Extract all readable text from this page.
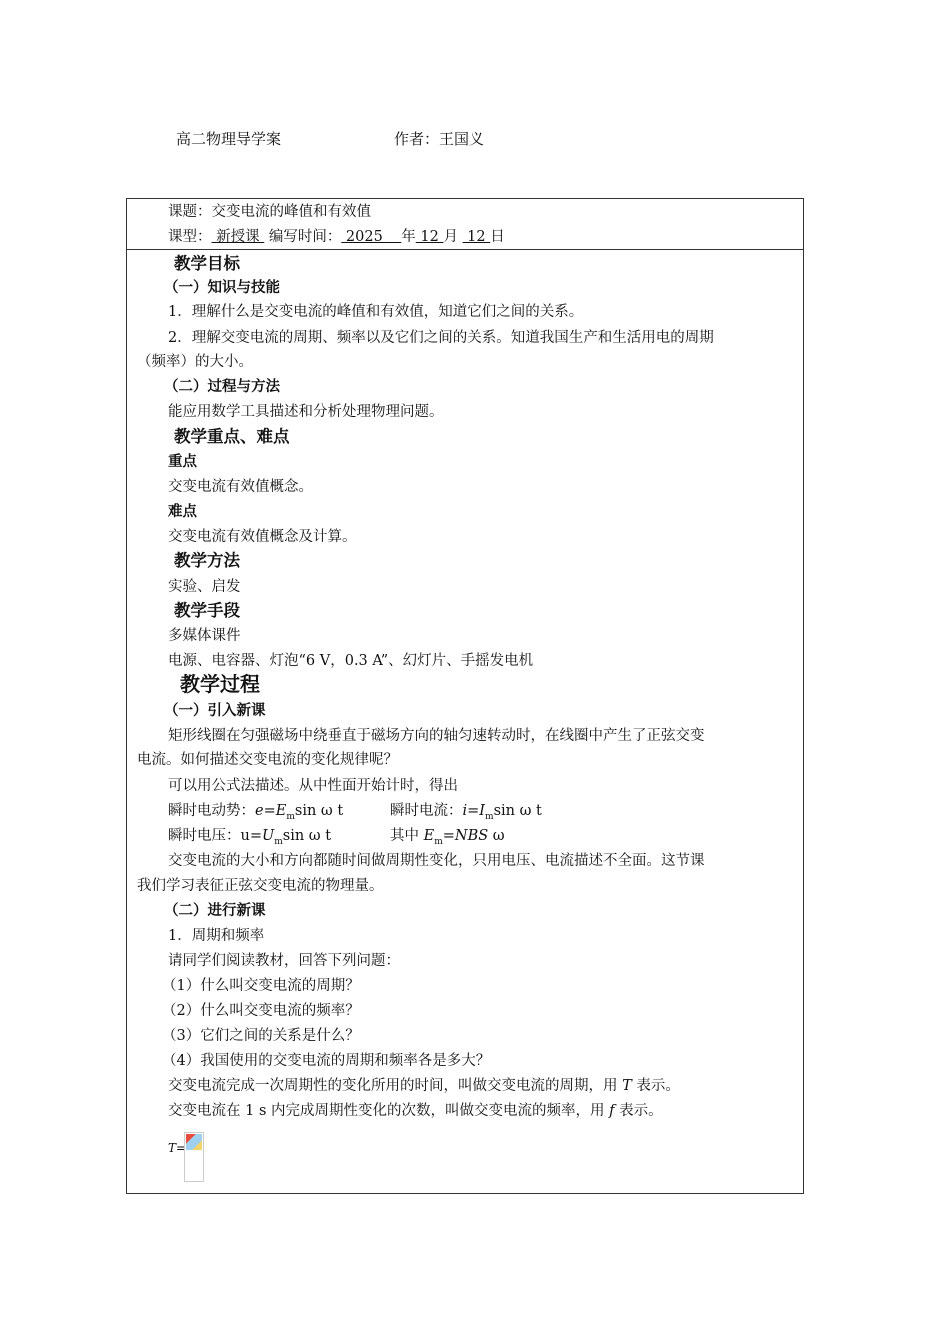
高二物理导学案	作者：王国义
课题：交变电流的峰值和有效值
课型： 新授课  编写时间： 2025    年 12 月  12 日
教学目标
（一）知识与技能
1．理解什么是交变电流的峰值和有效值，知道它们之间的关系。
2．理解交变电流的周期、频率以及它们之间的关系。知道我国生产和生活用电的周期
（频率）的大小。
（二）过程与方法
能应用数学工具描述和分析处理物理问题。
教学重点、难点
重点
交变电流有效值概念。
难点
交变电流有效值概念及计算。
教学方法
实验、启发
教学手段
多媒体课件
电源、电容器、灯泡“6 V，0.3 A”、幻灯片、手摇发电机
教学过程
（一）引入新课
矩形线圈在匀强磁场中绕垂直于磁场方向的轴匀速转动时，在线圈中产生了正弦交变
电流。如何描述交变电流的变化规律呢？
可以用公式法描述。从中性面开始计时，得出
瞬时电动势：$e=E_m\sin$ ω t	瞬时电流：$i=I_m\sin$ ω t
瞬时电压：$u=U_m\sin$ ω t	其中 $E_m=NBS$ ω
交变电流的大小和方向都随时间做周期性变化，只用电压、电流描述不全面。这节课
我们学习表征正弦交变电流的物理量。
（二）进行新课
1．周期和频率
请同学们阅读教材，回答下列问题：
（1）什么叫交变电流的周期？
（2）什么叫交变电流的频率？
（3）它们之间的关系是什么？
（4）我国使用的交变电流的周期和频率各是多大？
交变电流完成一次周期性的变化所用的时间，叫做交变电流的周期，用 T 表示。
交变电流在 1 s 内完成周期性变化的次数，叫做交变电流的频率，用 f 表示。
T=
